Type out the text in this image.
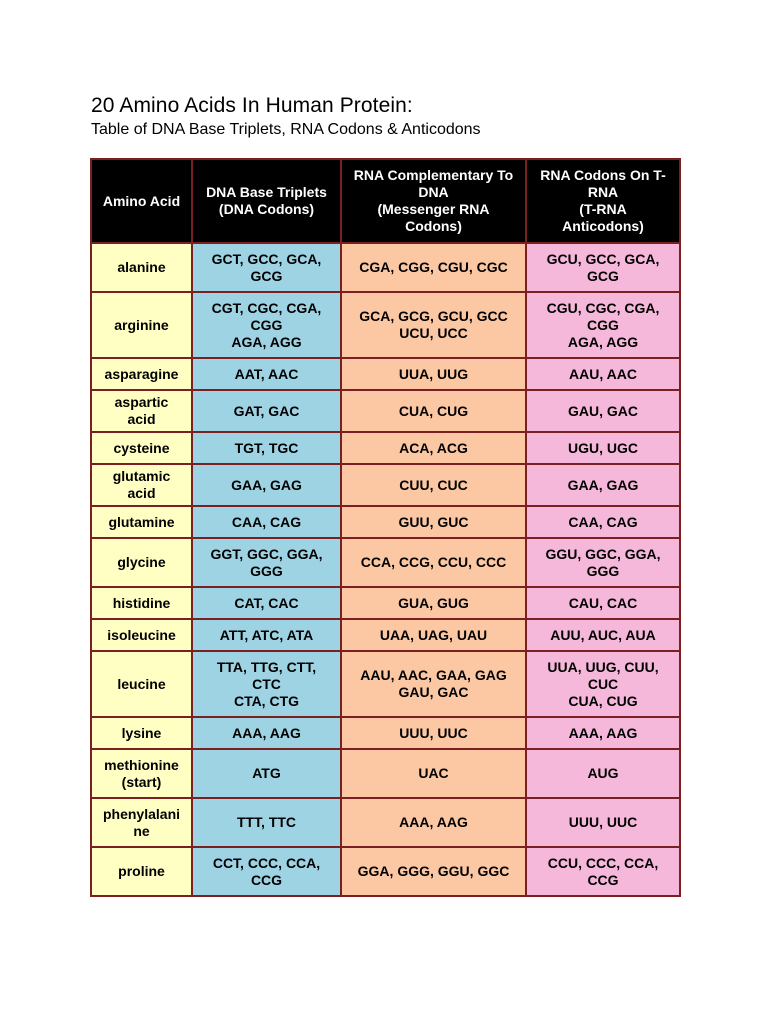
20 Amino Acids In Human Protein:
Table of DNA Base Triplets, RNA Codons & Anticodons
Amino Acid	DNA Base Triplets
(DNA Codons)	RNA Complementary To
DNA
(Messenger RNA
Codons)	RNA Codons On T-
RNA
(T-RNA
Anticodons)

alanine	GCT, GCC, GCA,
GCG	CGA, CGG, CGU, CGC	GCU, GCC, GCA,
GCG

arginine	CGT, CGC, CGA,
CGG
AGA, AGG	GCA, GCG, GCU, GCC
UCU, UCC	CGU, CGC, CGA,
CGG
AGA, AGG

asparagine	AAT, AAC	UUA, UUG	AAU, AAC

aspartic
acid	GAT, GAC	CUA, CUG	GAU, GAC

cysteine	TGT, TGC	ACA, ACG	UGU, UGC

glutamic
acid	GAA, GAG	CUU, CUC	GAA, GAG

glutamine	CAA, CAG	GUU, GUC	CAA, CAG

glycine	GGT, GGC, GGA,
GGG	CCA, CCG, CCU, CCC	GGU, GGC, GGA,
GGG

histidine	CAT, CAC	GUA, GUG	CAU, CAC

isoleucine	ATT, ATC, ATA	UAA, UAG, UAU	AUU, AUC, AUA

leucine	TTA, TTG, CTT,
CTC
CTA, CTG	AAU, AAC, GAA, GAG
GAU, GAC	UUA, UUG, CUU,
CUC
CUA, CUG

lysine	AAA, AAG	UUU, UUC	AAA, AAG

methionine
(start)	ATG	UAC	AUG

phenylalani
ne	TTT, TTC	AAA, AAG	UUU, UUC

proline	CCT, CCC, CCA,
CCG	GGA, GGG, GGU, GGC	CCU, CCC, CCA,
CCG
